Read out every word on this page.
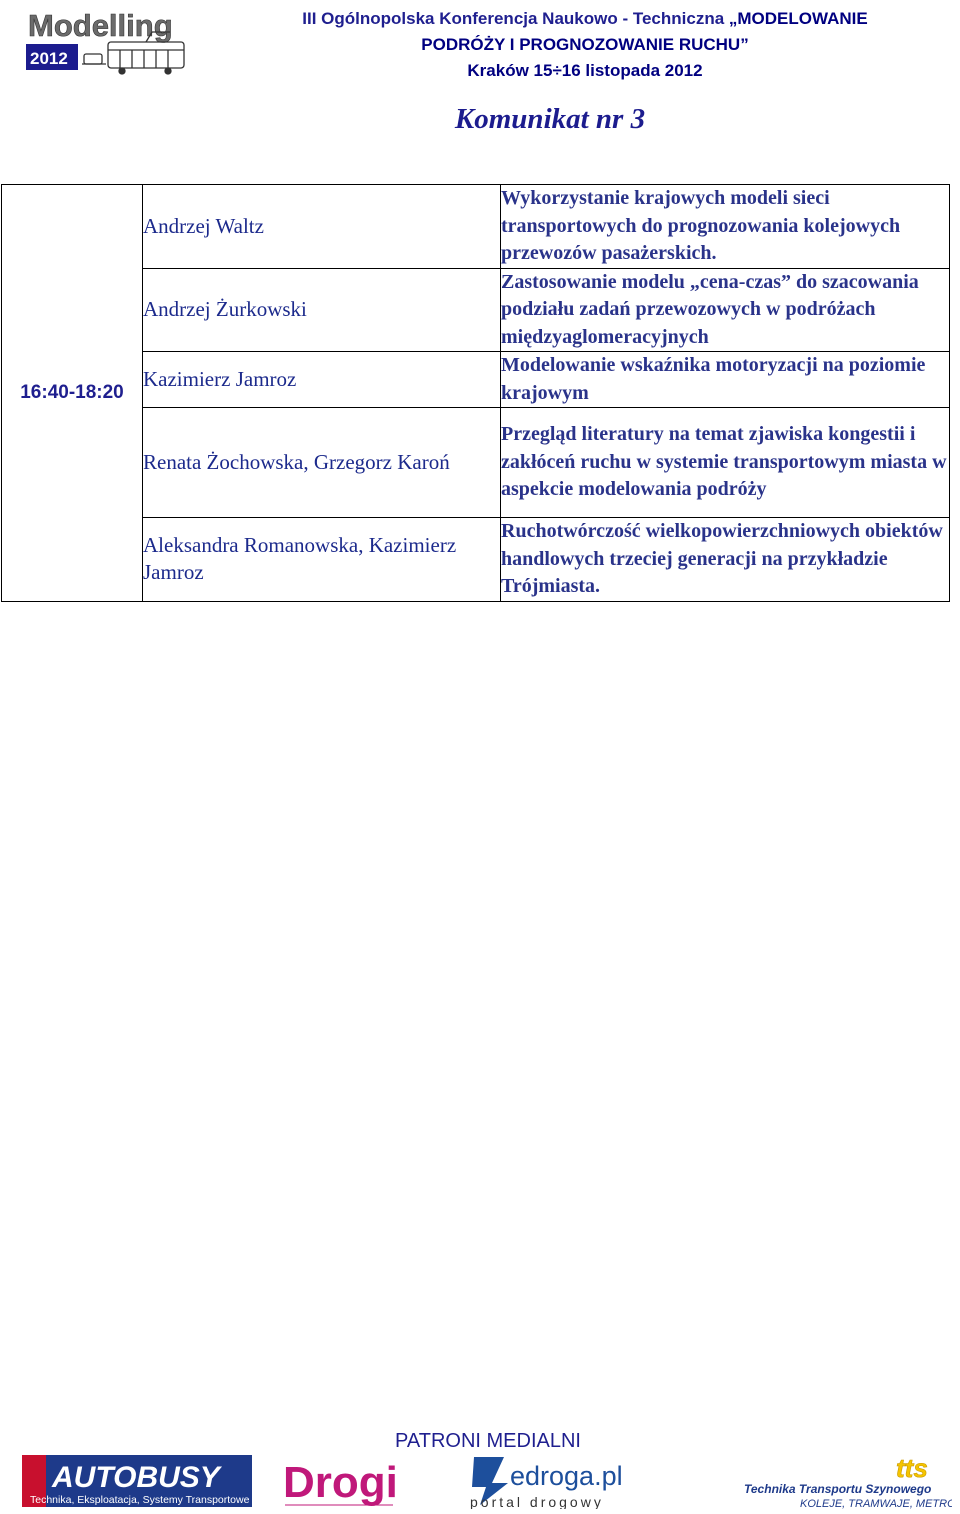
Modelling
2012
III Ogólnopolska Konferencja Naukowo - Techniczna „MODELOWANIE
PODRÓŻY I PROGNOZOWANIE RUCHU”
Kraków 15÷16 listopada 2012
Komunikat nr 3
16:40-18:20	Andrzej Waltz	Wykorzystanie krajowych modeli sieci transportowych do prognozowania kolejowych przewozów pasażerskich.
	Andrzej Żurkowski	Zastosowanie modelu „cena-czas” do szacowania podziału zadań przewozowych w podróżach międzyaglomeracyjnych
	Kazimierz Jamroz	Modelowanie wskaźnika motoryzacji na poziomie krajowym
	Renata Żochowska, Grzegorz Karoń	Przegląd literatury na temat zjawiska kongestii i zakłóceń ruchu w systemie transportowym miasta w aspekcie modelowania podróży
	Aleksandra Romanowska, Kazimierz Jamroz	Ruchotwórczość wielkopowierzchniowych obiektów handlowych trzeciej generacji na przykładzie Trójmiasta.
PATRONI MEDIALNI
AUTOBUSY
Technika, Eksploatacja, Systemy Transportowe Drogi	edroga.pl
portal drogowy
tts
Technika Transportu Szynowego
KOLEJE, TRAMWAJE, METRO
